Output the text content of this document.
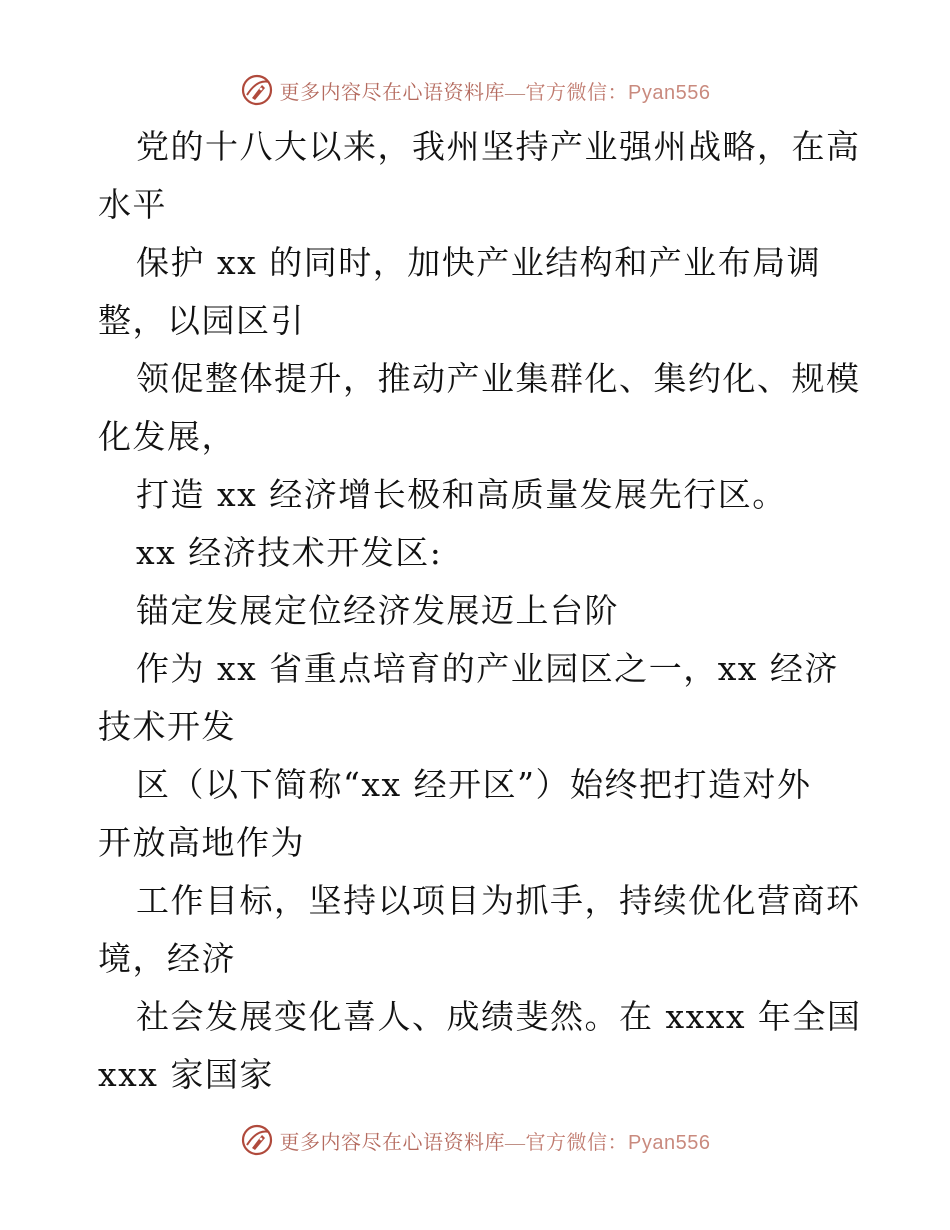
更多内容尽在心语资料库—官方微信：Pyan556
党的十八大以来，我州坚持产业强州战略，在高
水平
保护 xx 的同时，加快产业结构和产业布局调
整，以园区引
领促整体提升，推动产业集群化、集约化、规模
化发展，
打造 xx 经济增长极和高质量发展先行区。
xx 经济技术开发区:
锚定发展定位经济发展迈上台阶
作为 xx 省重点培育的产业园区之一，xx 经济
技术开发
区（以下简称“xx 经开区”）始终把打造对外
开放高地作为
工作目标，坚持以项目为抓手，持续优化营商环
境，经济
社会发展变化喜人、成绩斐然。在 xxxx 年全国
xxx 家国家
更多内容尽在心语资料库—官方微信：Pyan556
